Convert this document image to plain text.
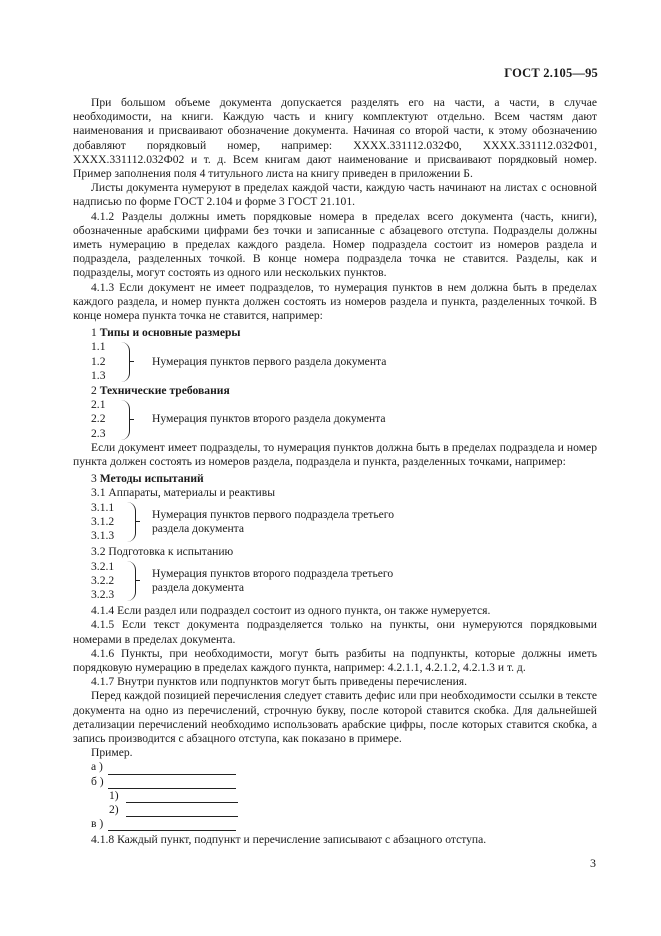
ГОСТ 2.105—95

При большом объеме документа допускается разделять его на части, а части, в случае необходимости, на книги. Каждую часть и книгу комплектуют отдельно. Всем частям дают наименования и присваивают обозначение документа. Начиная со второй части, к этому обозначению добавляют порядковый номер, например: ХХХХ.331112.032Ф0, ХХХХ.331112.032Ф01, ХХХХ.331112.032Ф02 и т. д. Всем книгам дают наименование и присваивают порядковый номер. Пример заполнения поля 4 титульного листа на книгу приведен в приложении Б.

Листы документа нумеруют в пределах каждой части, каждую часть начинают на листах с основной надписью по форме ГОСТ 2.104 и форме 3 ГОСТ 21.101.

4.1.2 Разделы должны иметь порядковые номера в пределах всего документа (часть, книги), обозначенные арабскими цифрами без точки и записанные с абзацевого отступа. Подразделы должны иметь нумерацию в пределах каждого раздела. Номер подраздела состоит из номеров раздела и подраздела, разделенных точкой. В конце номера подраздела точка не ставится. Разделы, как и подразделы, могут состоять из одного или нескольких пунктов.

4.1.3 Если документ не имеет подразделов, то нумерация пунктов в нем должна быть в пределах каждого раздела, и номер пункта должен состоять из номеров раздела и пункта, разделенных точкой. В конце номера пункта точка не ставится, например:

1 Типы и основные размеры

1.1
1.2
1.3
Нумерация пунктов первого раздела документа

2 Технические требования

2.1
2.2
2.3
Нумерация пунктов второго раздела документа

Если документ имеет подразделы, то нумерация пунктов должна быть в пределах подраздела и номер пункта должен состоять из номеров раздела, подраздела и пункта, разделенных точками, например:

3 Методы испытаний

3.1 Аппараты, материалы и реактивы

3.1.1
3.1.2
3.1.3
Нумерация пунктов первого подраздела третьего
раздела документа

3.2 Подготовка к испытанию

3.2.1
3.2.2
3.2.3
Нумерация пунктов второго подраздела третьего
раздела документа

4.1.4 Если раздел или подраздел состоит из одного пункта, он также нумеруется.

4.1.5 Если текст документа подразделяется только на пункты, они нумеруются порядковыми номерами в пределах документа.

4.1.6 Пункты, при необходимости, могут быть разбиты на подпункты, которые должны иметь порядковую нумерацию в пределах каждого пункта, например: 4.2.1.1, 4.2.1.2, 4.2.1.3 и т. д.

4.1.7 Внутри пунктов или подпунктов могут быть приведены перечисления.

Перед каждой позицией перечисления следует ставить дефис или при необходимости ссылки в тексте документа на одно из перечислений, строчную букву, после которой ставится скобка. Для дальнейшей детализации перечислений необходимо использовать арабские цифры, после которых ставится скобка, а запись производится с абзацного отступа, как показано в примере.

Пример.

а )
б )
1)
2)
в )

4.1.8 Каждый пункт, подпункт и перечисление записывают с абзацного отступа.

3
